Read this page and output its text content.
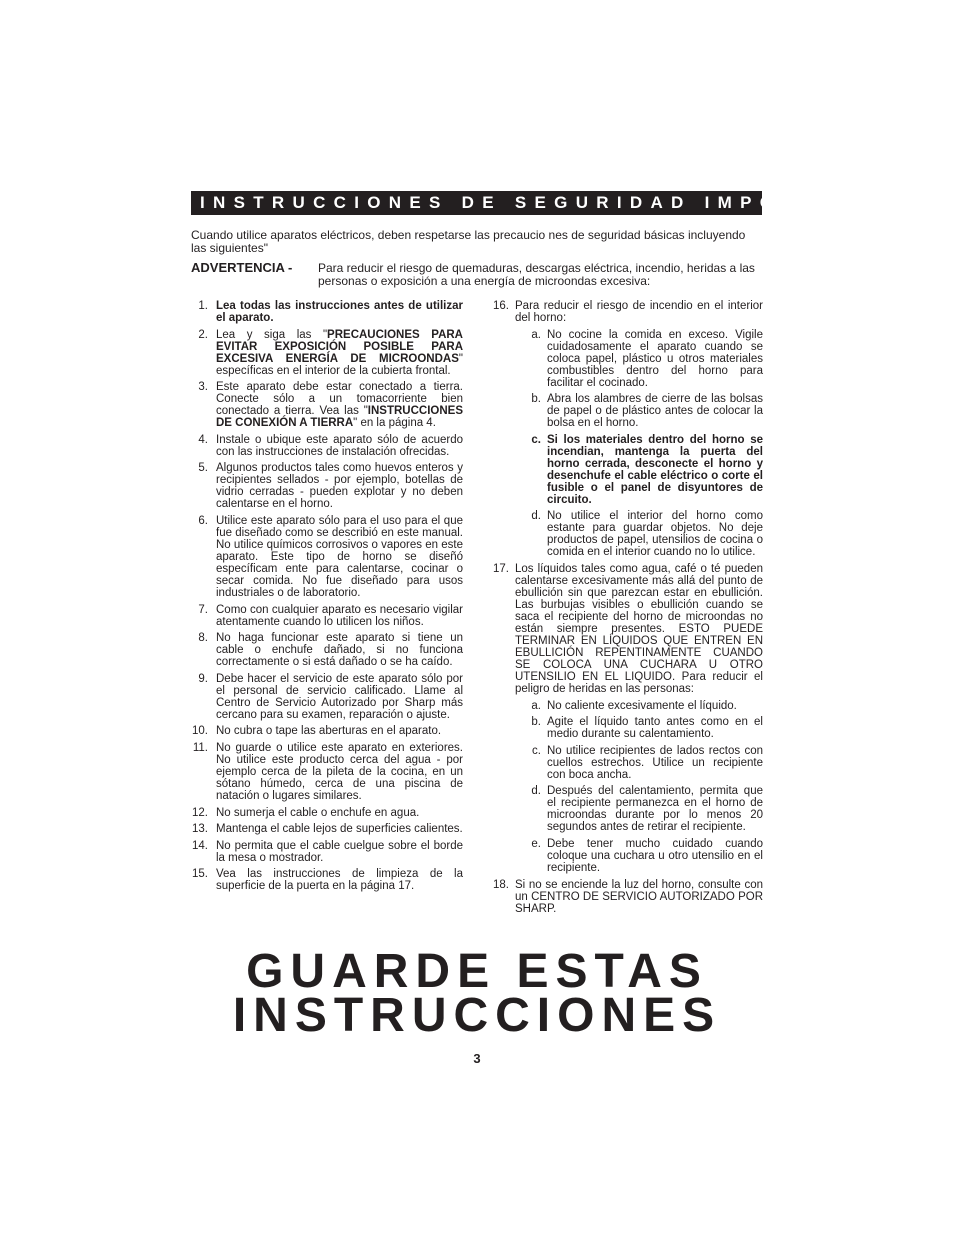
INSTRUCCIONES DE SEGURIDAD IMPORTANTES
Cuando utilice aparatos eléctricos, deben respetarse las precaucio nes de seguridad básicas incluyendo las siguientes"
ADVERTENCIA - Para reducir el riesgo de quemaduras, descargas eléctrica, incendio, heridas a las personas o exposición a una energía de microondas excesiva:
1. Lea todas las instrucciones antes de utilizar el aparato.
2. Lea y siga las "PRECAUCIONES PARA EVITAR EXPOSICIÓN POSIBLE PARA EXCESIVA ENERGÍA DE MICROONDAS" específicas en el interior de la cubierta frontal.
3. Este aparato debe estar conectado a tierra. Conecte sólo a un tomacorriente bien conectado a tierra. Vea las "INSTRUCCIONES DE CONEXIÓN A TIERRA" en la página 4.
4. Instale o ubique este aparato sólo de acuerdo con las instrucciones de instalación ofrecidas.
5. Algunos productos tales como huevos enteros y recipientes sellados - por ejemplo, botellas de vidrio cerradas - pueden explotar y no deben calentarse en el horno.
6. Utilice este aparato sólo para el uso para el que fue diseñado como se describió en este manual. No utilice químicos corrosivos o vapores en este aparato. Este tipo de horno se diseñó específicam ente para calentarse, cocinar o secar comida. No fue diseñado para usos industriales o de laboratorio.
7. Como con cualquier aparato es necesario vigilar atentamente cuando lo utilicen los niños.
8. No haga funcionar este aparato si tiene un cable o enchufe dañado, si no funciona correctamente o si está dañado o se ha caído.
9. Debe hacer el servicio de este aparato sólo por el personal de servicio calificado. Llame al Centro de Servicio Autorizado por Sharp más cercano para su examen, reparación o ajuste.
10. No cubra o tape las aberturas en el aparato.
11. No guarde o utilice este aparato en exteriores. No utilice este producto cerca del agua - por ejemplo cerca de la pileta de la cocina, en un sótano húmedo, cerca de una piscina de natación o lugares similares.
12. No sumerja el cable o enchufe en agua.
13. Mantenga el cable lejos de superficies calientes.
14. No permita que el cable cuelgue sobre el borde la mesa o mostrador.
15. Vea las instrucciones de limpieza de la superficie de la puerta en la página 17.
16. Para reducir el riesgo de incendio en el interior del horno:
a. No cocine la comida en exceso. Vigile cuidadosamente el aparato cuando se coloca papel, plástico u otros materiales combustibles dentro del horno para facilitar el cocinado.
b. Abra los alambres de cierre de las bolsas de papel o de plástico antes de colocar la bolsa en el horno.
c. Si los materiales dentro del horno se incendian, mantenga la puerta del horno cerrada, desconecte el horno y desenchufe el cable eléctrico o corte el fusible o el panel de disyuntores de circuito.
d. No utilice el interior del horno como estante para guardar objetos. No deje productos de papel, utensilios de cocina o comida en el interior cuando no lo utilice.
17. Los líquidos tales como agua, café o té pueden calentarse excesivamente más allá del punto de ebullición sin que parezcan estar en ebullición. Las burbujas visibles o ebullición cuando se saca el recipiente del horno de microondas no están siempre presentes. ESTO PUEDE TERMINAR EN LÍQUIDOS QUE ENTREN EN EBULLICIÓN REPENTINAMENTE CUANDO SE COLOCA UNA CUCHARA U OTRO UTENSILIO EN EL LIQUIDO. Para reducir el peligro de heridas en las personas:
a. No caliente excesivamente el líquido.
b. Agite el líquido tanto antes como en el medio durante su calentamiento.
c. No utilice recipientes de lados rectos con cuellos estrechos. Utilice un recipiente con boca ancha.
d. Después del calentamiento, permita que el recipiente permanezca en el horno de microondas durante por lo menos 20 segundos antes de retirar el recipiente.
e. Debe tener mucho cuidado cuando coloque una cuchara u otro utensilio en el recipiente.
18. Si no se enciende la luz del horno, consulte con un CENTRO DE SERVICIO AUTORIZADO POR SHARP.
GUARDE ESTAS
INSTRUCCIONES
3
